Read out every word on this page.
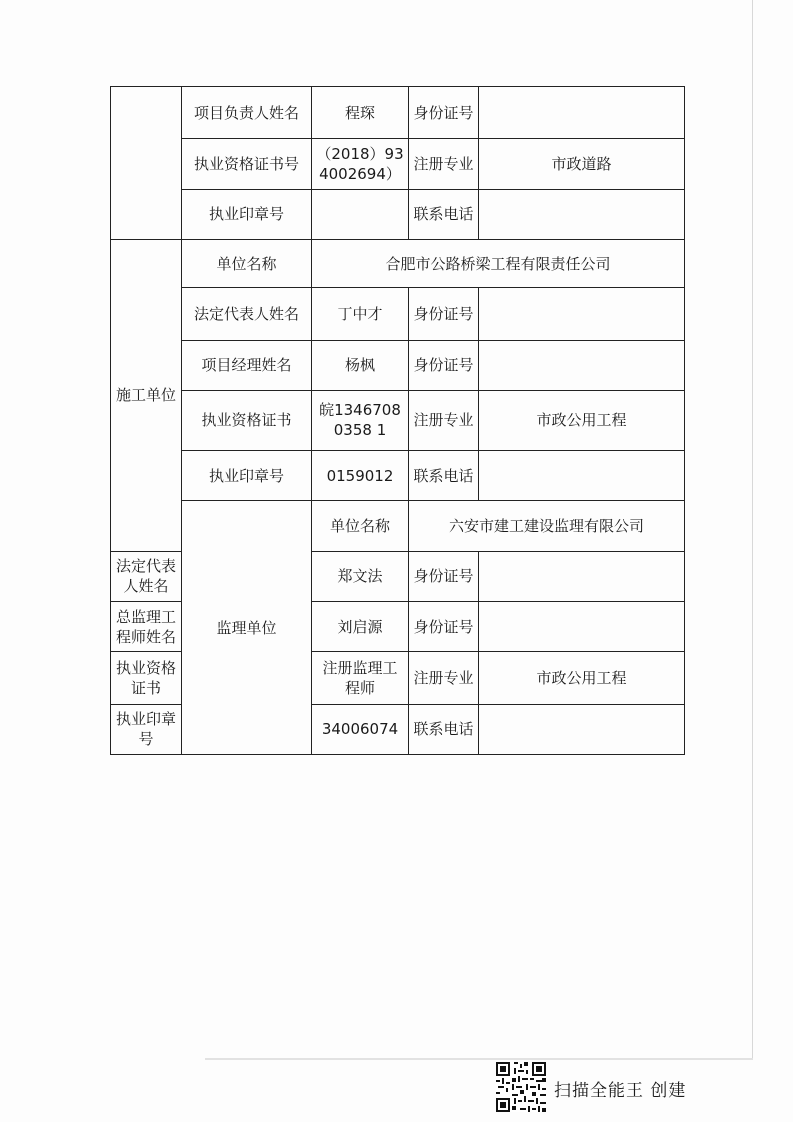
	项目负责人姓名	程琛	身份证号	
	执业资格证书号	（2018）934002694）	注册专业	市政道路
	执业印章号		联系电话	
施工单位	单位名称	合肥市公路桥梁工程有限责任公司		
	法定代表人姓名	丁中才	身份证号	
	项目经理姓名	杨枫	身份证号	
	执业资格证书	皖13467080358 1	注册专业	市政公用工程
	执业印章号	0159012	联系电话	
	监理单位	单位名称	六安市建工建设监理有限公司	
法定代表人姓名		郑文法	身份证号	
总监理工程师姓名		刘启源	身份证号	
执业资格证书		注册监理工程师	注册专业	市政公用工程
执业印章号		34006074	联系电话	
扫描全能王 创建
